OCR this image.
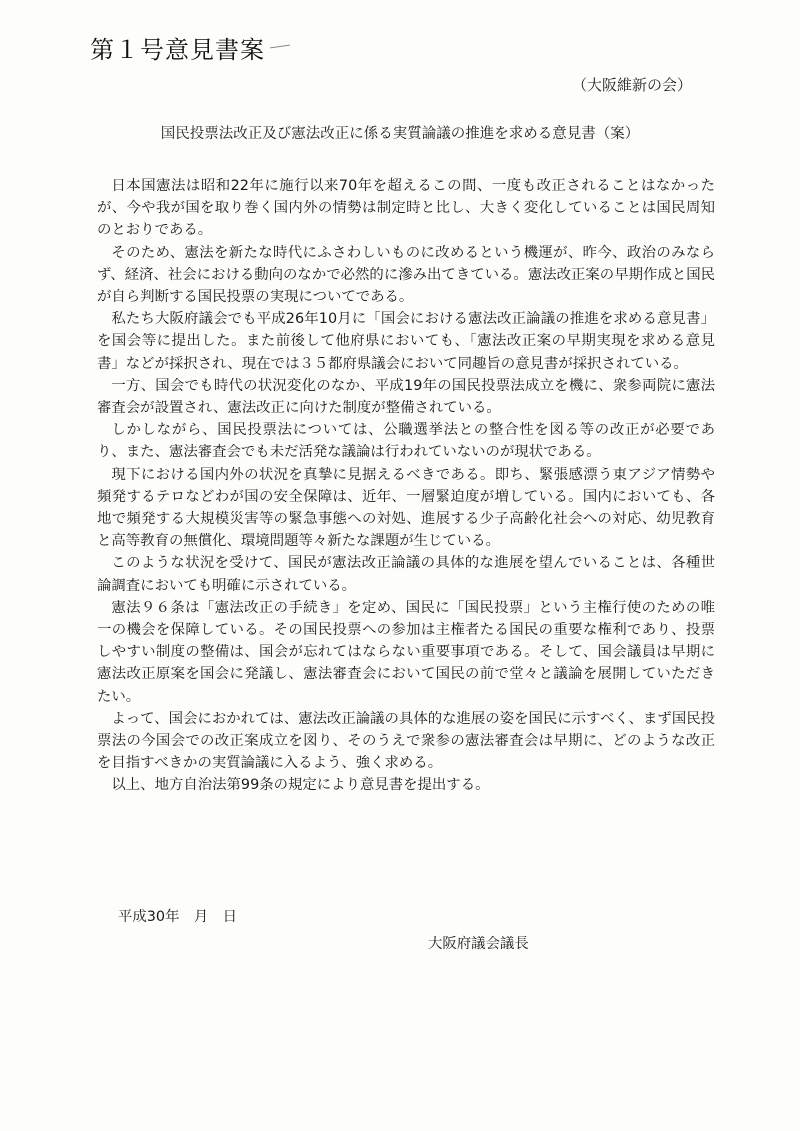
第１号意見書案
（大阪維新の会）
国民投票法改正及び憲法改正に係る実質論議の推進を求める意見書（案）

日本国憲法は昭和22年に施行以来70年を超えるこの間、一度も改正されることはなかったが、今や我が国を取り巻く国内外の情勢は制定時と比し、大きく変化していることは国民周知のとおりである。

そのため、憲法を新たな時代にふさわしいものに改めるという機運が、昨今、政治のみならず、経済、社会における動向のなかで必然的に滲み出てきている。憲法改正案の早期作成と国民が自ら判断する国民投票の実現についてである。

私たち大阪府議会でも平成26年10月に「国会における憲法改正論議の推進を求める意見書」を国会等に提出した。また前後して他府県においても、「憲法改正案の早期実現を求める意見書」などが採択され、現在では３５都府県議会において同趣旨の意見書が採択されている。

一方、国会でも時代の状況変化のなか、平成19年の国民投票法成立を機に、衆参両院に憲法審査会が設置され、憲法改正に向けた制度が整備されている。

しかしながら、国民投票法については、公職選挙法との整合性を図る等の改正が必要であり、また、憲法審査会でも未だ活発な議論は行われていないのが現状である。

現下における国内外の状況を真摯に見据えるべきである。即ち、緊張感漂う東アジア情勢や頻発するテロなどわが国の安全保障は、近年、一層緊迫度が増している。国内においても、各地で頻発する大規模災害等の緊急事態への対処、進展する少子高齢化社会への対応、幼児教育と高等教育の無償化、環境問題等々新たな課題が生じている。

このような状況を受けて、国民が憲法改正論議の具体的な進展を望んでいることは、各種世論調査においても明確に示されている。

憲法９６条は「憲法改正の手続き」を定め、国民に「国民投票」という主権行使のための唯一の機会を保障している。その国民投票への参加は主権者たる国民の重要な権利であり、投票しやすい制度の整備は、国会が忘れてはならない重要事項である。そして、国会議員は早期に憲法改正原案を国会に発議し、憲法審査会において国民の前で堂々と議論を展開していただきたい。

よって、国会におかれては、憲法改正論議の具体的な進展の姿を国民に示すべく、まず国民投票法の今国会での改正案成立を図り、そのうえで衆参の憲法審査会は早期に、どのような改正を目指すべきかの実質論議に入るよう、強く求める。

以上、地方自治法第99条の規定により意見書を提出する。

平成30年　月　日
大阪府議会議長
